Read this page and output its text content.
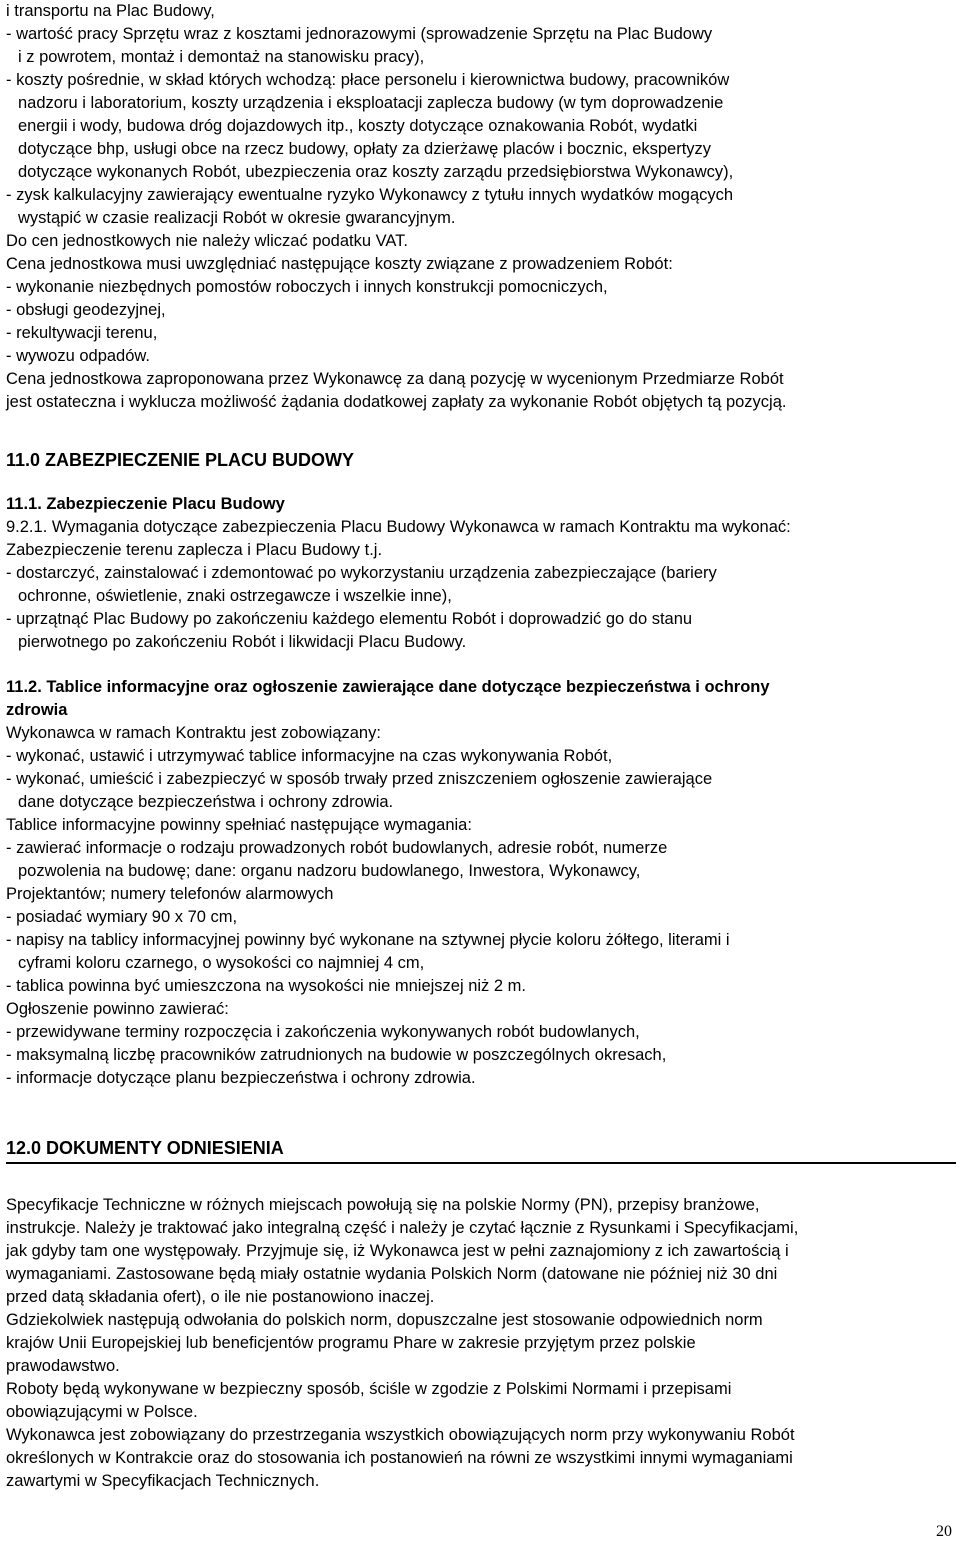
i transportu na Plac Budowy,

- wartość pracy Sprzętu wraz z kosztami jednorazowymi (sprowadzenie Sprzętu na Plac Budowy

i z powrotem, montaż i demontaż na stanowisku pracy),

- koszty pośrednie, w skład których wchodzą: płace personelu i kierownictwa budowy, pracowników

nadzoru i laboratorium, koszty urządzenia i eksploatacji zaplecza budowy (w tym doprowadzenie

energii i wody, budowa dróg dojazdowych itp., koszty dotyczące oznakowania Robót, wydatki

dotyczące bhp, usługi obce na rzecz budowy, opłaty za dzierżawę placów i bocznic, ekspertyzy

dotyczące wykonanych Robót, ubezpieczenia oraz koszty zarządu przedsiębiorstwa Wykonawcy),

- zysk kalkulacyjny zawierający ewentualne ryzyko Wykonawcy z tytułu innych wydatków mogących

wystąpić w czasie realizacji Robót w okresie gwarancyjnym.

Do cen jednostkowych nie należy wliczać podatku VAT.

Cena jednostkowa musi uwzględniać następujące koszty związane z prowadzeniem Robót:

- wykonanie niezbędnych pomostów roboczych i innych konstrukcji pomocniczych,

- obsługi geodezyjnej,

- rekultywacji terenu,

- wywozu odpadów.

Cena jednostkowa zaproponowana przez Wykonawcę za daną pozycję w wycenionym Przedmiarze Robót

jest ostateczna i wyklucza możliwość żądania dodatkowej zapłaty za wykonanie Robót objętych tą pozycją.

11.0 ZABEZPIECZENIE PLACU BUDOWY
11.1. Zabezpieczenie Placu Budowy

9.2.1. Wymagania dotyczące zabezpieczenia Placu Budowy Wykonawca w ramach Kontraktu ma wykonać:

Zabezpieczenie terenu zaplecza i Placu Budowy t.j.

- dostarczyć, zainstalować i zdemontować po wykorzystaniu urządzenia zabezpieczające (bariery

ochronne, oświetlenie, znaki ostrzegawcze i wszelkie inne),

- uprzątnąć Plac Budowy po zakończeniu każdego elementu Robót i doprowadzić go do stanu

pierwotnego po zakończeniu Robót i likwidacji Placu Budowy.

11.2. Tablice informacyjne oraz ogłoszenie zawierające dane dotyczące bezpieczeństwa i ochrony
zdrowia

Wykonawca w ramach Kontraktu jest zobowiązany:

- wykonać, ustawić i utrzymywać tablice informacyjne na czas wykonywania Robót,

- wykonać, umieścić i zabezpieczyć w sposób trwały przed zniszczeniem ogłoszenie zawierające

dane dotyczące bezpieczeństwa i ochrony zdrowia.

Tablice informacyjne powinny spełniać następujące wymagania:

- zawierać informacje o rodzaju prowadzonych robót budowlanych, adresie robót, numerze

pozwolenia na budowę; dane: organu nadzoru budowlanego, Inwestora, Wykonawcy,

Projektantów; numery telefonów alarmowych

- posiadać wymiary 90 x 70 cm,

- napisy na tablicy informacyjnej powinny być wykonane na sztywnej płycie koloru żółtego, literami i

cyframi koloru czarnego, o wysokości co najmniej 4 cm,

- tablica powinna być umieszczona na wysokości nie mniejszej niż 2 m.

Ogłoszenie powinno zawierać:

- przewidywane terminy rozpoczęcia i zakończenia wykonywanych robót budowlanych,

- maksymalną liczbę pracowników zatrudnionych na budowie w poszczególnych okresach,

- informacje dotyczące planu bezpieczeństwa i ochrony zdrowia.

12.0 DOKUMENTY ODNIESIENIA

Specyfikacje Techniczne w różnych miejscach powołują się na polskie Normy (PN), przepisy branżowe,

instrukcje. Należy je traktować jako integralną część i należy je czytać łącznie z Rysunkami i Specyfikacjami,

jak gdyby tam one występowały. Przyjmuje się, iż Wykonawca jest w pełni zaznajomiony z ich zawartością i

wymaganiami. Zastosowane będą miały ostatnie wydania Polskich Norm (datowane nie później niż 30 dni

przed datą składania ofert), o ile nie postanowiono inaczej.

Gdziekolwiek następują odwołania do polskich norm, dopuszczalne jest stosowanie odpowiednich norm

krajów Unii Europejskiej lub beneficjentów programu Phare w zakresie przyjętym przez polskie

prawodawstwo.

Roboty będą wykonywane w bezpieczny sposób, ściśle w zgodzie z Polskimi Normami i przepisami

obowiązującymi w Polsce.

Wykonawca jest zobowiązany do przestrzegania wszystkich obowiązujących norm przy wykonywaniu Robót

określonych w Kontrakcie oraz do stosowania ich postanowień na równi ze wszystkimi innymi wymaganiami

zawartymi w Specyfikacjach Technicznych.

20
